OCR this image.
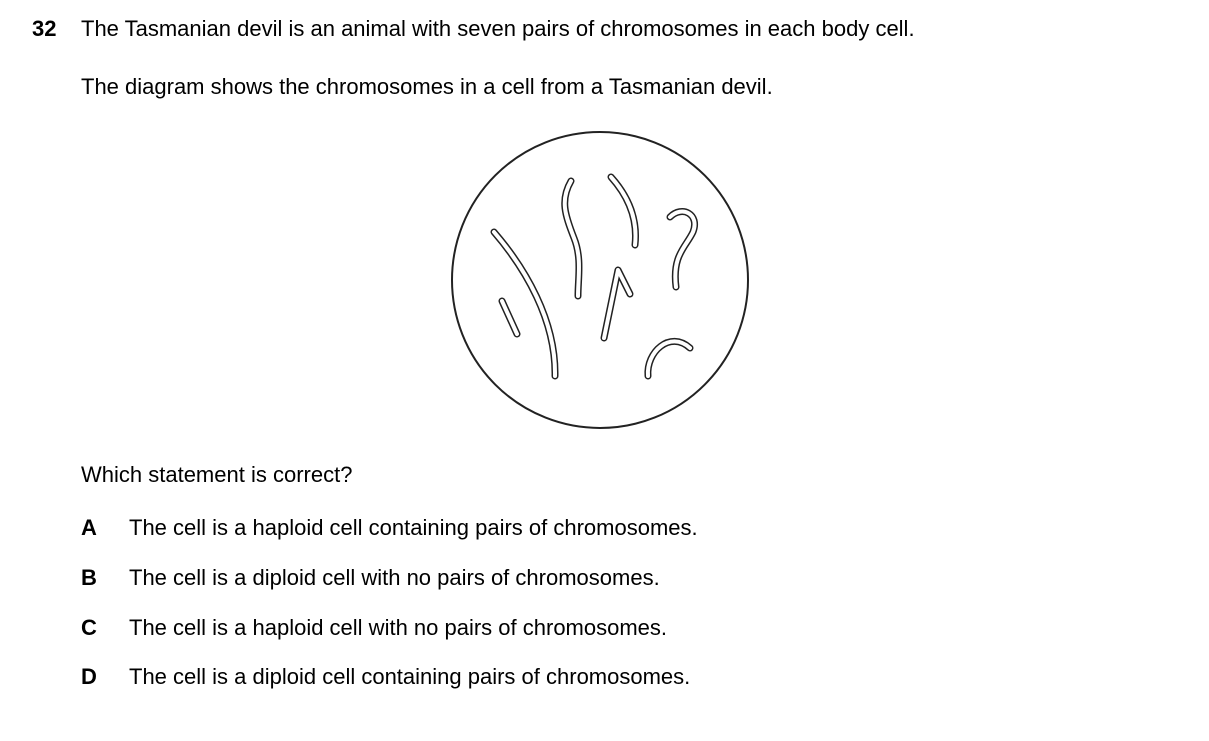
32 The Tasmanian devil is an animal with seven pairs of chromosomes in each body cell.
The diagram shows the chromosomes in a cell from a Tasmanian devil.
Which statement is correct?
A The cell is a haploid cell containing pairs of chromosomes.
B The cell is a diploid cell with no pairs of chromosomes.
C The cell is a haploid cell with no pairs of chromosomes.
D The cell is a diploid cell containing pairs of chromosomes.
